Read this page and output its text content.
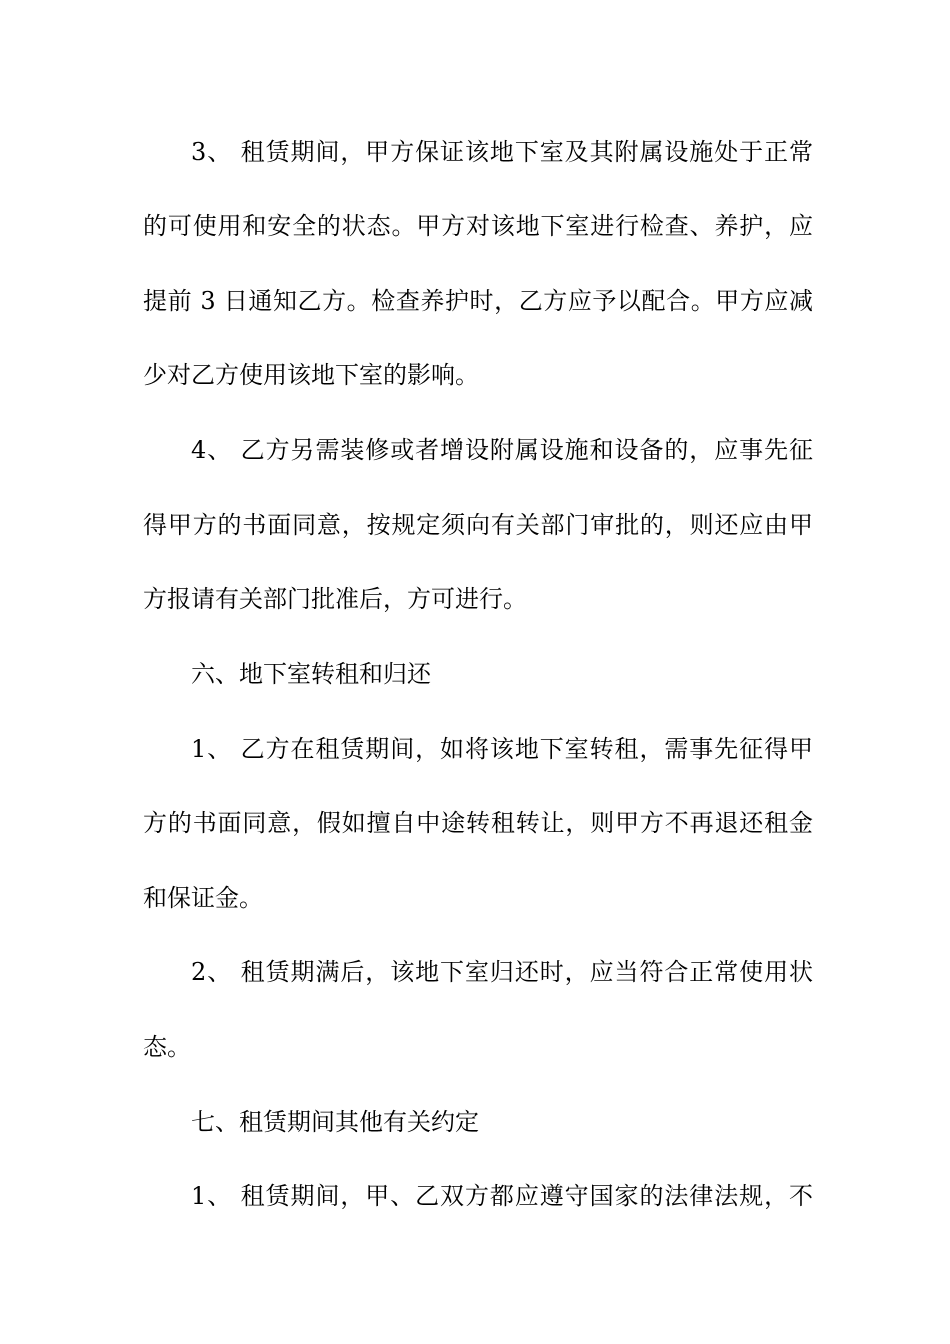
3、 租赁期间，甲方保证该地下室及其附属设施处于正常
的可使用和安全的状态。甲方对该地下室进行检查、养护，应
提前 3 日通知乙方。检查养护时，乙方应予以配合。甲方应减
少对乙方使用该地下室的影响。
4、 乙方另需装修或者增设附属设施和设备的，应事先征
得甲方的书面同意，按规定须向有关部门审批的，则还应由甲
方报请有关部门批准后，方可进行。
六、地下室转租和归还
1、 乙方在租赁期间，如将该地下室转租，需事先征得甲
方的书面同意，假如擅自中途转租转让，则甲方不再退还租金
和保证金。
2、 租赁期满后，该地下室归还时，应当符合正常使用状
态。
七、租赁期间其他有关约定
1、 租赁期间，甲、乙双方都应遵守国家的法律法规，不
